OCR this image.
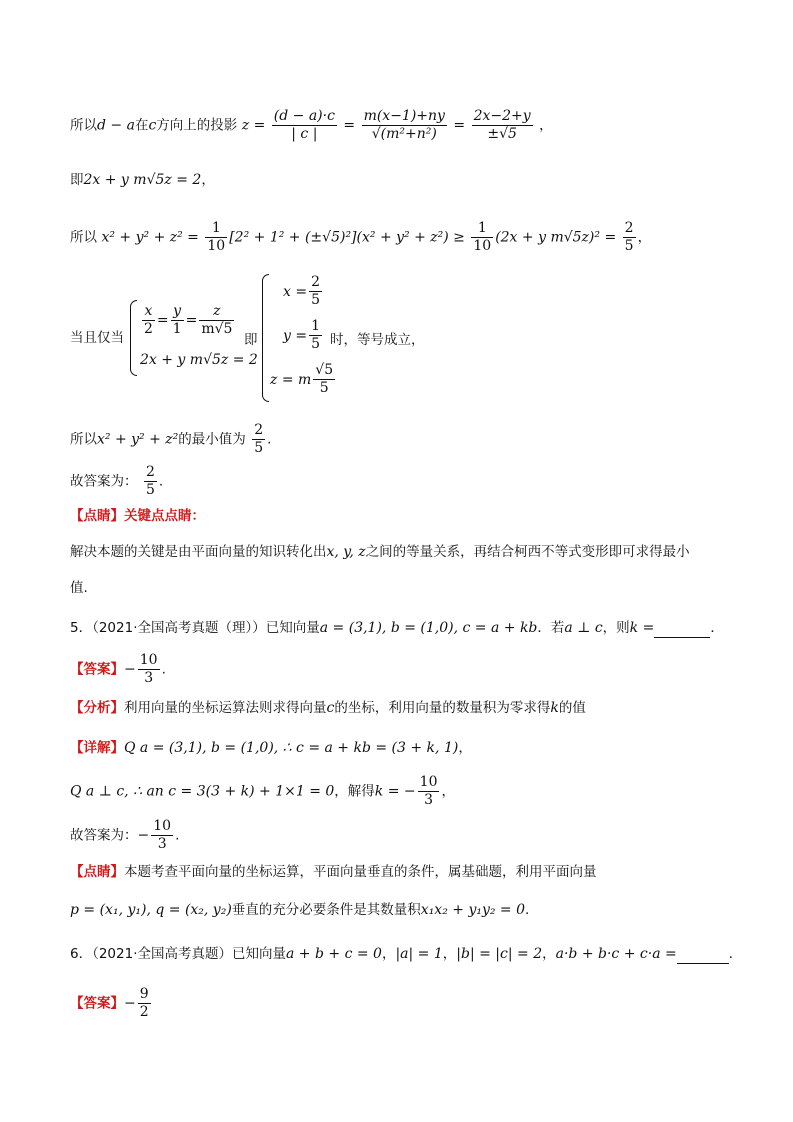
所以d − a在c方向上的投影 $z = \frac{(d - a)\cdot c}{| c |} = \frac{m(x-1)+ny}{\text{√(m²+n²)}} = \frac{2x-2+y}{\pm√5}$ ，
即2x + y m√5z = 2，
所以 $x^2 + y^2 + z^2 = \frac{1}{10} [2^2 + 1^2 + (\pm√5)^2](x^2 + y^2 + z^2) \ge \frac{1}{10} (2x + y$ $m√5z)^2 = \frac{2}{5}$ ，
当且仅当 $\frac{x}{2} = \frac{y}{1} = \frac{z}{m√5}$
2x + y m√5z = 2
即
$x = \frac{2}{5}$
$y = \frac{1}{5}$ 时，等号成立，
z = m $\frac{√5}{5}$
所以x² + y² + z²的最小值为 $\frac{2}{5}$ .
故答案为： $\frac{2}{5}$ .
【点睛】关键点点睛：
解决本题的关键是由平面向量的知识转化出x, y, z之间的等量关系，再结合柯西不等式变形即可求得最小
值.
5．（2021·全国高考真题（理））已知向量a = (3,1), b = (1,0), c = a + kb．若a ⊥ c，则k =	．
【答案】− $\frac{10}{3}$ .
【分析】利用向量的坐标运算法则求得向量c的坐标，利用向量的数量积为零求得k的值
【详解】Q a = (3,1), b = (1,0), ∴ c = a + kb = (3 + k, 1)，
Q a ⊥ c, ∴ an c = 3(3 + k) + 1×1 = 0，解得k = − $\frac{10}{3}$ ，
故答案为：− $\frac{10}{3}$ .
【点睛】本题考查平面向量的坐标运算，平面向量垂直的条件，属基础题，利用平面向量
p = (x₁, y₁), q = (x₂, y₂)垂直的充分必要条件是其数量积x₁x₂ + y₁y₂ = 0.
6．（2021·全国高考真题）已知向量a + b + c = 0，|a| = 1，|b| = |c| = 2，a·b + b·c + c·a =	．
【答案】− $\frac{9}{2}$
